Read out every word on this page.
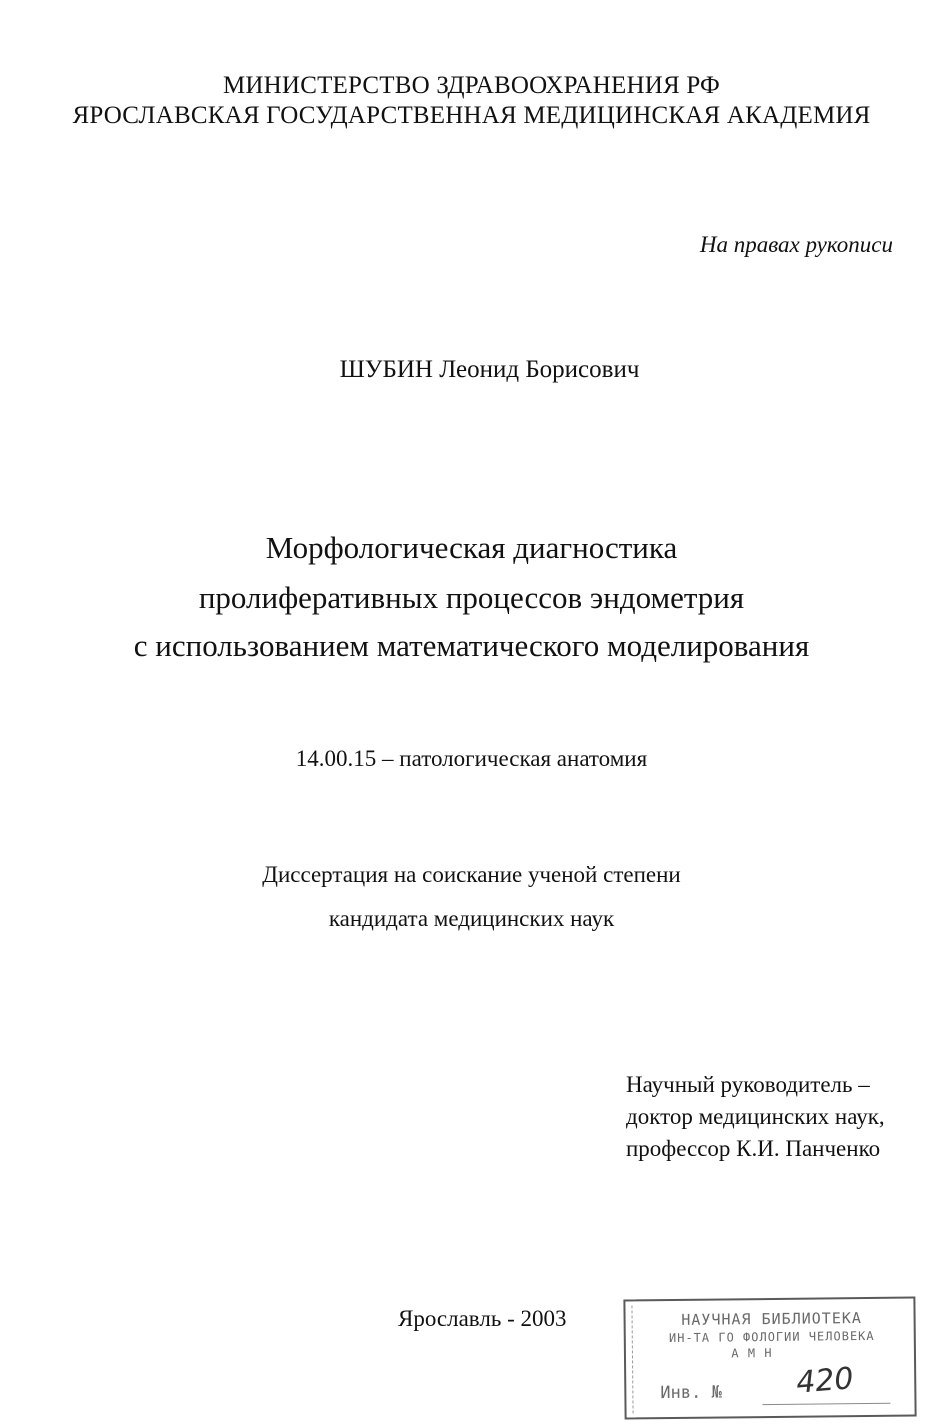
МИНИСТЕРСТВО ЗДРАВООХРАНЕНИЯ РФ
ЯРОСЛАВСКАЯ ГОСУДАРСТВЕННАЯ МЕДИЦИНСКАЯ АКАДЕМИЯ
На правах рукописи
ШУБИН Леонид Борисович
Морфологическая диагностика
пролиферативных процессов эндометрия
с использованием математического моделирования
14.00.15 – патологическая анатомия
Диссертация на соискание ученой степени
кандидата медицинских наук
Научный руководитель –
доктор медицинских наук,
профессор К.И. Панченко
Ярославль - 2003	НАУЧНАЯ БИБЛИОТЕКА
ИН-ТА ГО ФОЛОГИИ ЧЕЛОВЕКА
А М Н
Инв. № 420
